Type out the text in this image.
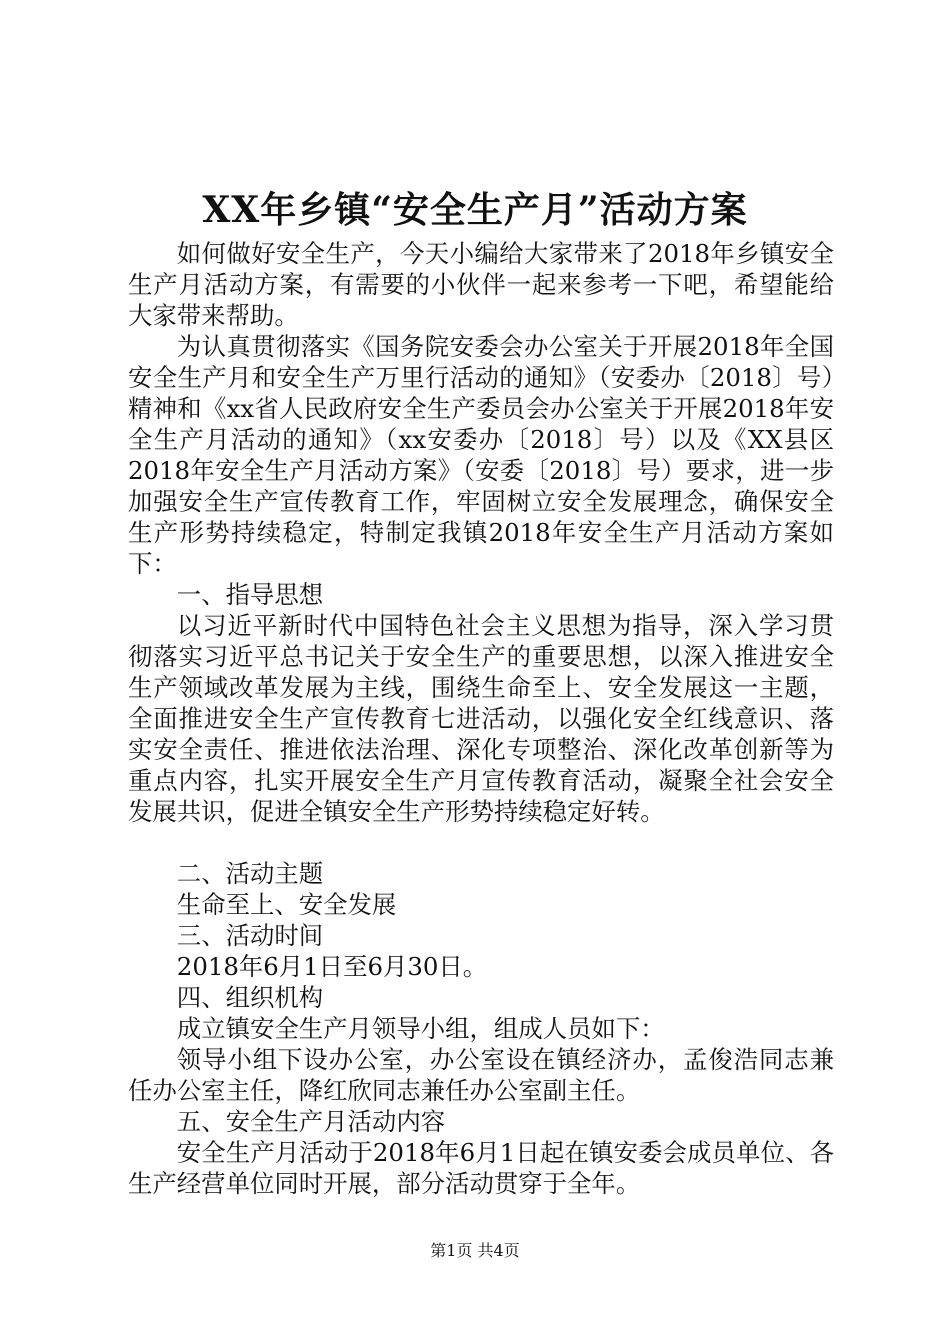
XX年乡镇“安全生产月”活动方案

如何做好安全生产，今天小编给大家带来了2018年乡镇安全生产月活动方案，有需要的小伙伴一起来参考一下吧，希望能给大家带来帮助。

为认真贯彻落实《国务院安委会办公室关于开展2018年全国安全生产月和安全生产万里行活动的通知》（安委办〔2018〕号）精神和《xx省人民政府安全生产委员会办公室关于开展2018年安全生产月活动的通知》（xx安委办〔2018〕号）以及《XX县区2018年安全生产月活动方案》（安委〔2018〕号）要求，进一步加强安全生产宣传教育工作，牢固树立安全发展理念，确保安全生产形势持续稳定，特制定我镇2018年安全生产月活动方案如下：

一、指导思想

以习近平新时代中国特色社会主义思想为指导，深入学习贯彻落实习近平总书记关于安全生产的重要思想，以深入推进安全生产领域改革发展为主线，围绕生命至上、安全发展这一主题，全面推进安全生产宣传教育七进活动，以强化安全红线意识、落实安全责任、推进依法治理、深化专项整治、深化改革创新等为重点内容，扎实开展安全生产月宣传教育活动，凝聚全社会安全发展共识，促进全镇安全生产形势持续稳定好转。

二、活动主题

生命至上、安全发展

三、活动时间

2018年6月1日至6月30日。

四、组织机构

成立镇安全生产月领导小组，组成人员如下：

领导小组下设办公室，办公室设在镇经济办，孟俊浩同志兼任办公室主任，降红欣同志兼任办公室副主任。

五、安全生产月活动内容

安全生产月活动于2018年6月1日起在镇安委会成员单位、各生产经营单位同时开展，部分活动贯穿于全年。

第1页 共4页
